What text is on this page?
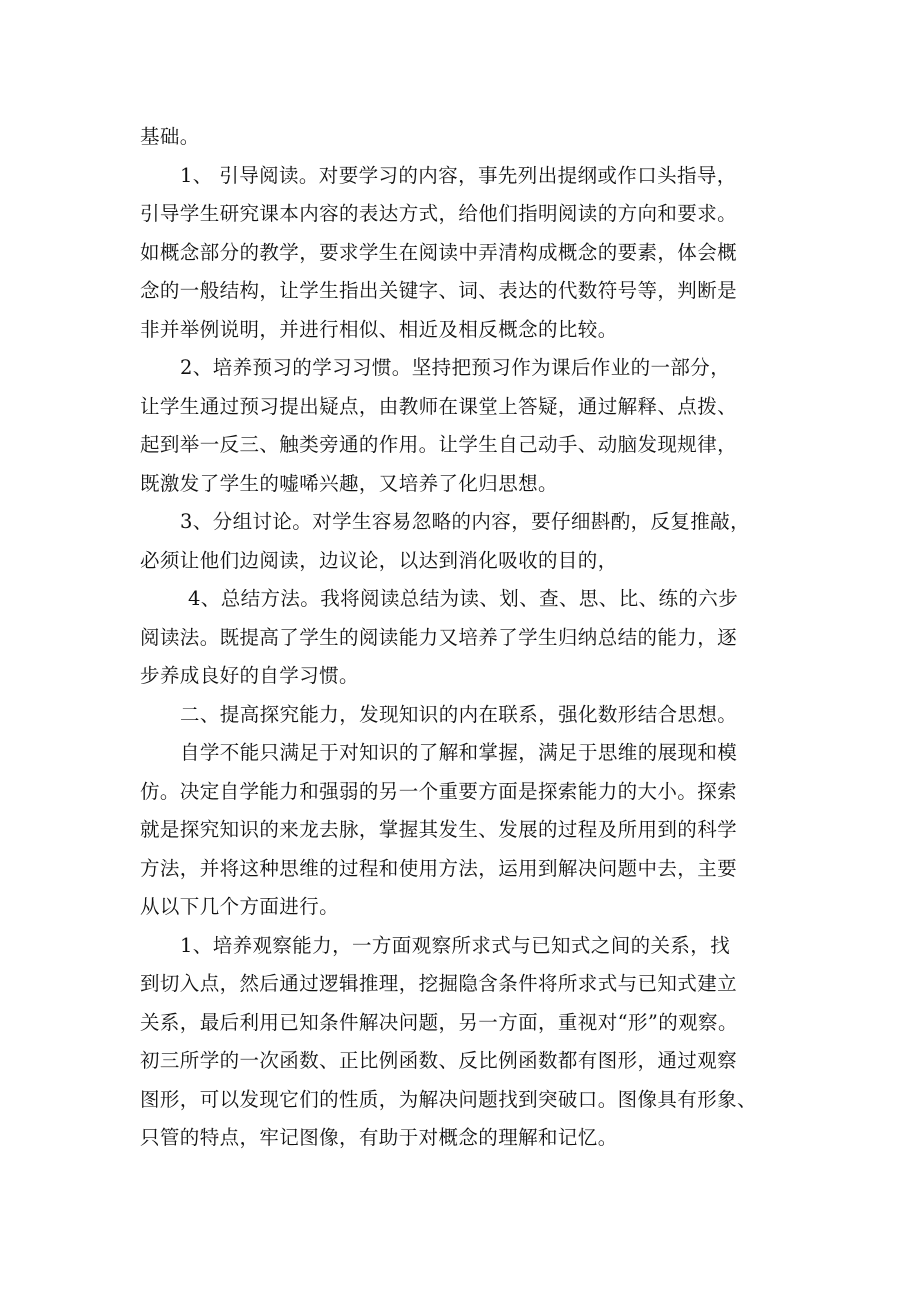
基础。
1、 引导阅读。对要学习的内容，事先列出提纲或作口头指导，
引导学生研究课本内容的表达方式，给他们指明阅读的方向和要求。
如概念部分的教学，要求学生在阅读中弄清构成概念的要素，体会概
念的一般结构，让学生指出关键字、词、表达的代数符号等，判断是
非并举例说明，并进行相似、相近及相反概念的比较。
2、培养预习的学习习惯。坚持把预习作为课后作业的一部分，
让学生通过预习提出疑点，由教师在课堂上答疑，通过解释、点拨、
起到举一反三、触类旁通的作用。让学生自己动手、动脑发现规律，
既激发了学生的嘘唏兴趣，又培养了化归思想。
3、分组讨论。对学生容易忽略的内容，要仔细斟酌，反复推敲，
必须让他们边阅读，边议论，以达到消化吸收的目的，
4、总结方法。我将阅读总结为读、划、查、思、比、练的六步
阅读法。既提高了学生的阅读能力又培养了学生归纳总结的能力，逐
步养成良好的自学习惯。
二、提高探究能力，发现知识的内在联系，强化数形结合思想。
自学不能只满足于对知识的了解和掌握，满足于思维的展现和模
仿。决定自学能力和强弱的另一个重要方面是探索能力的大小。探索
就是探究知识的来龙去脉，掌握其发生、发展的过程及所用到的科学
方法，并将这种思维的过程和使用方法，运用到解决问题中去，主要
从以下几个方面进行。
1、培养观察能力，一方面观察所求式与已知式之间的关系，找
到切入点，然后通过逻辑推理，挖掘隐含条件将所求式与已知式建立
关系，最后利用已知条件解决问题，另一方面，重视对“形”的观察。
初三所学的一次函数、正比例函数、反比例函数都有图形，通过观察
图形，可以发现它们的性质，为解决问题找到突破口。图像具有形象、
只管的特点，牢记图像，有助于对概念的理解和记忆。
